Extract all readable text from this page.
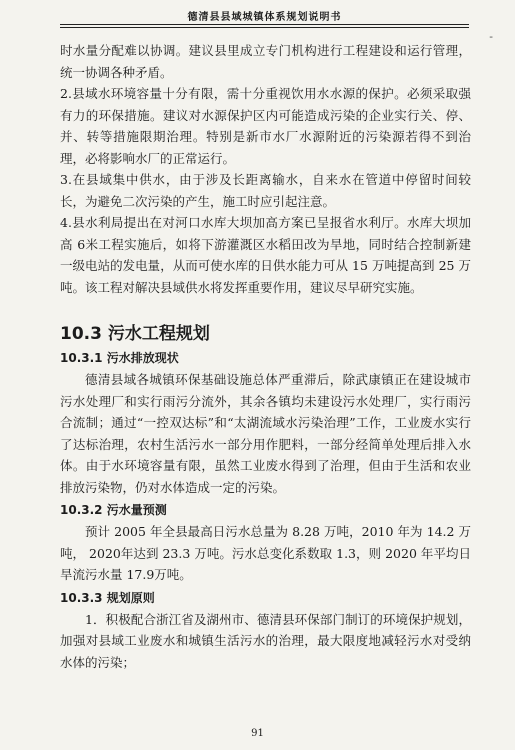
德清县县域城镇体系规划说明书
-

时水量分配难以协调。建议县里成立专门机构进行工程建设和运行管理，统一协调各种矛盾。

2.县域水环境容量十分有限，需十分重视饮用水水源的保护。必须采取强有力的环保措施。建议对水源保护区内可能造成污染的企业实行关、停、并、转等措施限期治理。特别是新市水厂水源附近的污染源若得不到治理，必将影响水厂的正常运行。

3.在县域集中供水，由于涉及长距离输水，自来水在管道中停留时间较长，为避免二次污染的产生，施工时应引起注意。

4.县水利局提出在对河口水库大坝加高方案已呈报省水利厅。水库大坝加高 6米工程实施后，如将下游灌溉区水稻田改为旱地，同时结合控制新建一级电站的发电量，从而可使水库的日供水能力可从 15 万吨提高到 25 万吨。该工程对解决县域供水将发挥重要作用，建议尽早研究实施。

10.3 污水工程规划
10.3.1 污水排放现状

德清县域各城镇环保基础设施总体严重滞后，除武康镇正在建设城市污水处理厂和实行雨污分流外，其余各镇均未建设污水处理厂，实行雨污合流制；通过“一控双达标”和“太湖流域水污染治理”工作，工业废水实行了达标治理，农村生活污水一部分用作肥料，一部分经简单处理后排入水体。由于水环境容量有限，虽然工业废水得到了治理，但由于生活和农业排放污染物，仍对水体造成一定的污染。

10.3.2 污水量预测

预计 2005 年全县最高日污水总量为 8.28 万吨，2010 年为 14.2 万吨， 2020年达到 23.3 万吨。污水总变化系数取 1.3，则 2020 年平均日旱流污水量 17.9万吨。

10.3.3 规划原则

1．积极配合浙江省及湖州市、德清县环保部门制订的环境保护规划，加强对县域工业废水和城镇生活污水的治理，最大限度地减轻污水对受纳水体的污染；

91
